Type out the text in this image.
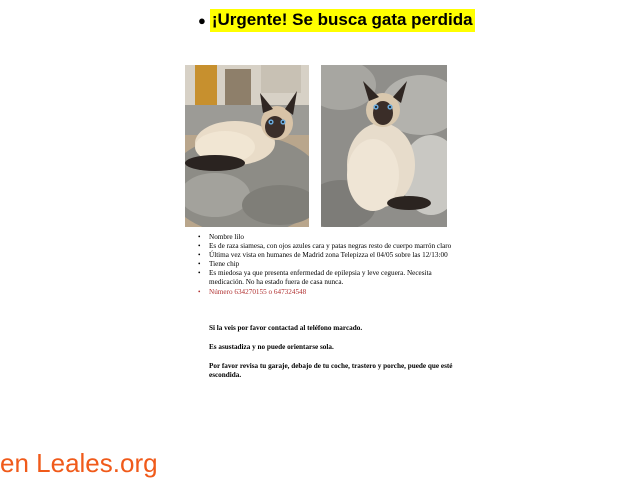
● ¡Urgente! Se busca gata perdida
• Nombre lilo
• Es de raza siamesa, con ojos azules cara y patas negras resto de cuerpo marrón claro
• Última vez vista en humanes de Madrid zona Telepizza el 04/05 sobre las 12/13:00
• Tiene chip
• Es miedosa ya que presenta enfermedad de epilepsia y leve ceguera. Necesita medicación. No ha estado fuera de casa nunca.
• Número 634270155 o 647324548

Si la veis por favor contactad al teléfono marcado.

Es asustadiza y no puede orientarse sola.

Por favor revisa tu garaje, debajo de tu coche, trastero y porche, puede que esté escondida.

en Leales.org
